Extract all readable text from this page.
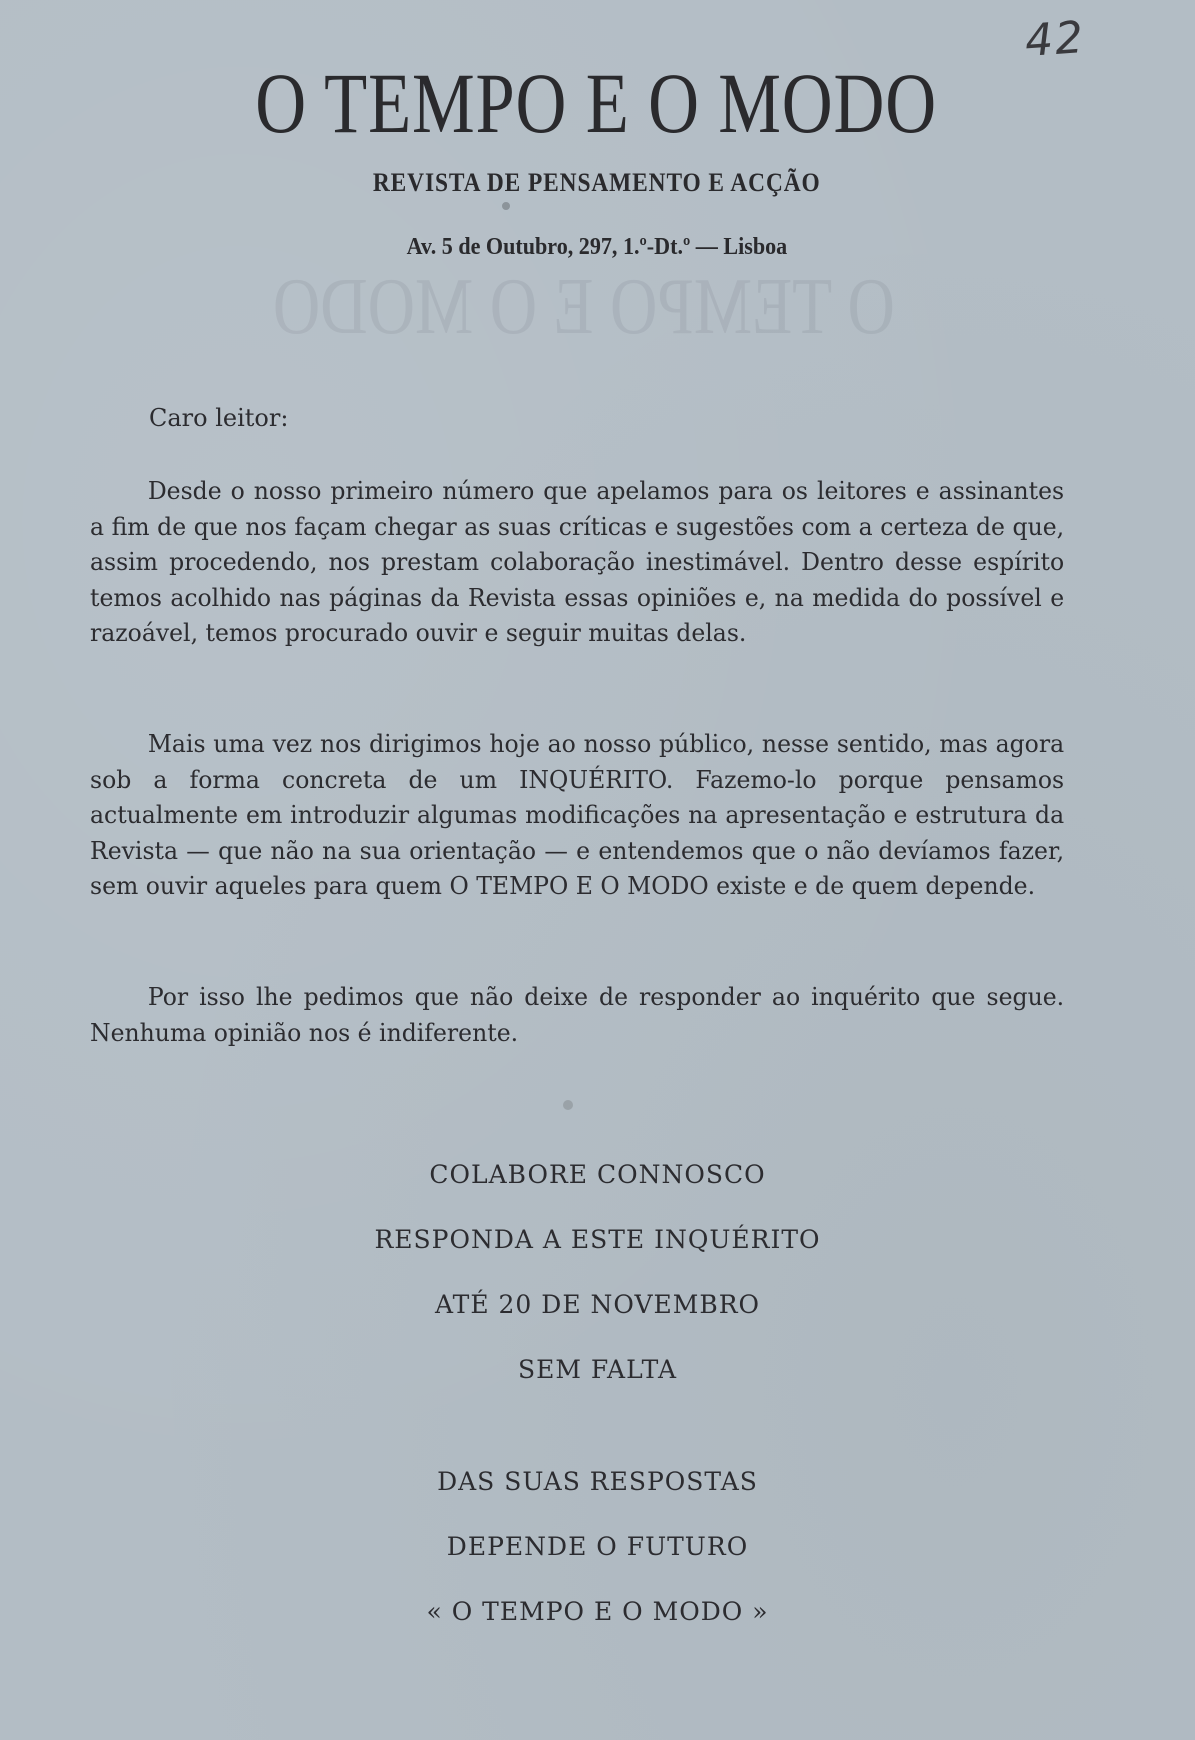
42
O TEMPO E O MODO
O TEMPO E O MODO
REVISTA DE PENSAMENTO E ACÇÃO
Av. 5 de Outubro, 297, 1.º-Dt.º — Lisboa
Caro leitor:

Desde o nosso primeiro número que apelamos para os leitores e assinantes a fim de que nos façam chegar as suas críticas e sugestões com a certeza de que, assim procedendo, nos prestam colaboração inestimável. Dentro desse espírito temos acolhido nas páginas da Revista essas opiniões e, na medida do possível e razoável, temos procurado ouvir e seguir muitas delas.

Mais uma vez nos dirigimos hoje ao nosso público, nesse sentido, mas agora sob a forma concreta de um INQUÉRITO. Fazemo-lo porque pensamos actualmente em introduzir algumas modificações na apresentação e estrutura da Revista — que não na sua orientação — e entendemos que o não devíamos fazer, sem ouvir aqueles para quem O TEMPO E O MODO existe e de quem depende.

Por isso lhe pedimos que não deixe de responder ao inquérito que segue. Nenhuma opinião nos é indiferente.

COLABORE CONNOSCO
RESPONDA A ESTE INQUÉRITO
ATÉ 20 DE NOVEMBRO
SEM FALTA
DAS SUAS RESPOSTAS
DEPENDE O FUTURO
« O TEMPO E O MODO »
